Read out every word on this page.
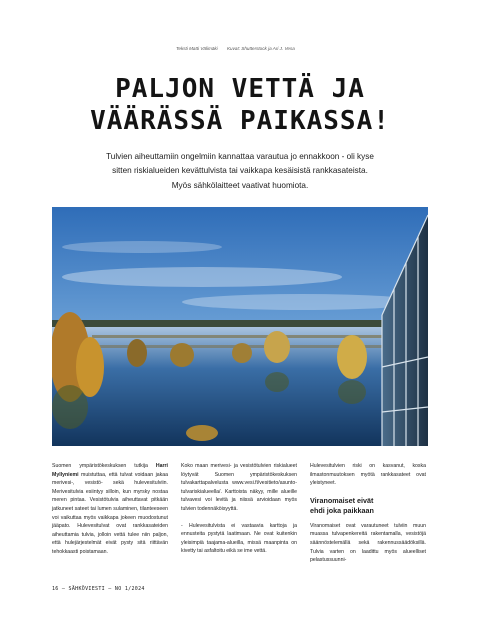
Teksti Matti Välimäki Kuvat: Shutterstock ja Ari J. Vesa
PALJON VETTÄ JA
VÄÄRÄSSÄ PAIKASSA!
Tulvien aiheuttamiin ongelmiin kannattaa varautua jo ennakkoon - oli kyse sitten riskialueiden kevättulvista tai vaikkapa kesäisistä rankkasateista. Myös sähkölaitteet vaativat huomiota.

Suomen ympäristökeskuksen tutkija Harri Myllyniemi muistuttaa, että tulvat voidaan jakaa merivesi-, vesistö- sekä hulevesitulviin. Merivesitulvia esiintyy silloin, kun myrsky nostaa meren pintaa. Vesistötulvia aiheuttavat pitkään jatkuneet sateet tai lumen sulaminen, tilanteeseen voi vaikuttaa myös vaikkapa jokeen muodostunut jääpato. Hulevesitulvat ovat rankkasateiden aiheuttamia tulvia, jolloin vettä tulee niin paljon, että hulejärjestelmät eivät pysty sitä riittävän tehokkaasti poistamaan.

Koko maan merivesi- ja vesistötulvien riskialueet löytyvät Suomen ympäristökeskuksen tulvakarttapalvelusta www.vesi.fi/vesitieto/asunto-tulvariskialueella/. Karttoista näkyy, mille alueille tulvavesi voi levitä ja niissä arvioidaan myös tulvien todennäköisyyttä.

- Hulevesitulvista ei vastaavia karttoja ja ennusteita pystytä laatimaan. Ne ovat kuitenkin yleisimpiä taajama-alueilla, missä maanpinta on kivetty tai asfaltoitu eikä se ime vettä.

Hulevesitulvien riski on kasvanut, koska ilmastonmuutoksen myötä rankkasateet ovat yleistyneet.

Viranomaiset eivät
ehdi joka paikkaan

Viranomaiset ovat varautuneet tulviin muun muassa tulvapenkereitä rakentamalla, vesistöjä säännöstelemällä sekä rakennussäädöksillä. Tulvia varten on laadittu myös alueelliset pelastussuunni-

16 — SÄHKÖVIESTI — NO 1/2024
